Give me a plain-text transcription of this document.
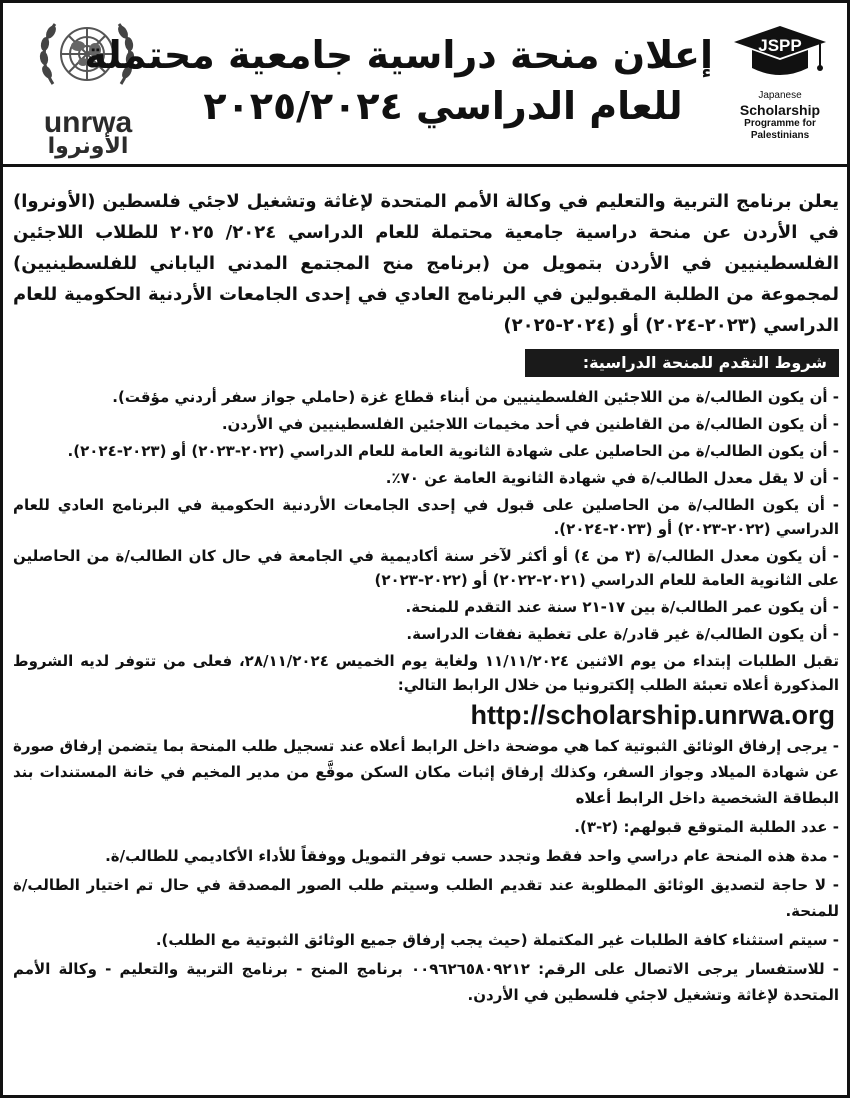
unrwa
الأونروا
إعلان منحة دراسية جامعية محتملة
للعام الدراسي ٢٠٢٥/٢٠٢٤
JSPP
Japanese
Scholarship
Programme for
Palestinians

يعلن برنامج التربية والتعليم في وكالة الأمم المتحدة لإغاثة وتشغيل لاجئي فلسطين (الأونروا) في الأردن عن منحة دراسية جامعية محتملة للعام الدراسي ٢٠٢٤/ ٢٠٢٥ للطلاب اللاجئين الفلسطينيين في الأردن بتمويل من (برنامج منح المجتمع المدني الياباني للفلسطينيين) لمجموعة من الطلبة المقبولين في البرنامج العادي في إحدى الجامعات الأردنية الحكومية للعام الدراسي (٢٠٢٣-٢٠٢٤) أو (٢٠٢٤-٢٠٢٥)

شروط التقدم للمنحة الدراسية:

- أن يكون الطالب/ة من اللاجئين الفلسطينيين من أبناء قطاع غزة (حاملي جواز سفر أردني مؤقت).

- أن يكون الطالب/ة من القاطنين في أحد مخيمات اللاجئين الفلسطينيين في الأردن.

- أن يكون الطالب/ة من الحاصلين على شهادة الثانوية العامة للعام الدراسي (٢٠٢٢-٢٠٢٣) أو (٢٠٢٣-٢٠٢٤).

- أن لا يقل معدل الطالب/ة في شهادة الثانوية العامة عن ٧٠٪.

- أن يكون الطالب/ة من الحاصلين على قبول في إحدى الجامعات الأردنية الحكومية في البرنامج العادي للعام الدراسي (٢٠٢٢-٢٠٢٣) أو (٢٠٢٣-٢٠٢٤).

- أن يكون معدل الطالب/ة (٣ من ٤) أو أكثر لآخر سنة أكاديمية في الجامعة في حال كان الطالب/ة من الحاصلين على الثانوية العامة للعام الدراسي (٢٠٢١-٢٠٢٢) أو (٢٠٢٢-٢٠٢٣)

- أن يكون عمر الطالب/ة بين ١٧-٢١ سنة عند التقدم للمنحة.

- أن يكون الطالب/ة غير قادر/ة على تغطية نفقات الدراسة.

تقبل الطلبات إبتداء من يوم الاثنين ١١/١١/٢٠٢٤ ولغاية يوم الخميس ٢٨/١١/٢٠٢٤، فعلى من تتوفر لديه الشروط المذكورة أعلاه تعبئة الطلب إلكترونيا من خلال الرابط التالي:

http://scholarship.unrwa.org

- يرجى إرفاق الوثائق الثبوتية كما هي موضحة داخل الرابط أعلاه عند تسجيل طلب المنحة بما يتضمن إرفاق صورة عن شهادة الميلاد وجواز السفر، وكذلك إرفاق إثبات مكان السكن موقَّع من مدير المخيم في خانة المستندات بند البطاقة الشخصية داخل الرابط أعلاه

- عدد الطلبة المتوقع قبولهم: (٢-٣).

- مدة هذه المنحة عام دراسي واحد فقط وتجدد حسب توفر التمويل ووفقاً للأداء الأكاديمي للطالب/ة.

- لا حاجة لتصديق الوثائق المطلوبة عند تقديم الطلب وسيتم طلب الصور المصدقة في حال تم اختيار الطالب/ة للمنحة.

- سيتم استثناء كافة الطلبات غير المكتملة (حيث يجب إرفاق جميع الوثائق الثبوتية مع الطلب).

- للاستفسار يرجى الاتصال على الرقم: ٠٠٩٦٢٦٥٨٠٩٢١٢ برنامج المنح - برنامج التربية والتعليم - وكالة الأمم المتحدة لإغاثة وتشغيل لاجئي فلسطين في الأردن.
